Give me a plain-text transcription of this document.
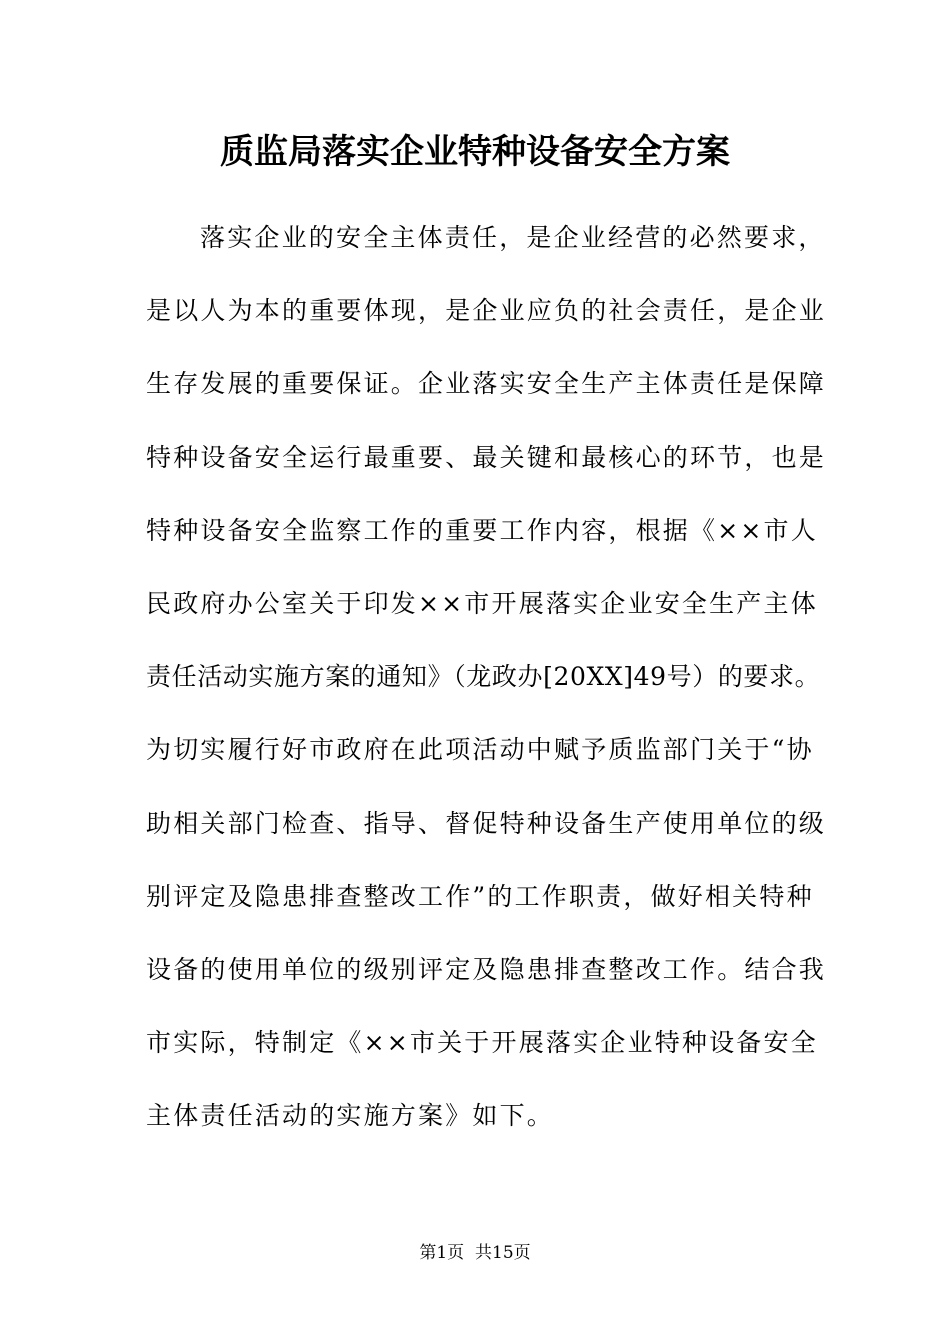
质监局落实企业特种设备安全方案
落实企业的安全主体责任，是企业经营的必然要求，
是以人为本的重要体现，是企业应负的社会责任，是企业
生存发展的重要保证。企业落实安全生产主体责任是保障
特种设备安全运行最重要、最关键和最核心的环节，也是
特种设备安全监察工作的重要工作内容，根据《××市人
民政府办公室关于印发××市开展落实企业安全生产主体
责任活动实施方案的通知》（龙政办[20XX]49号）的要求。
为切实履行好市政府在此项活动中赋予质监部门关于“协
助相关部门检查、指导、督促特种设备生产使用单位的级
别评定及隐患排查整改工作”的工作职责，做好相关特种
设备的使用单位的级别评定及隐患排查整改工作。结合我
市实际，特制定《××市关于开展落实企业特种设备安全
主体责任活动的实施方案》如下。
第1页 共15页
